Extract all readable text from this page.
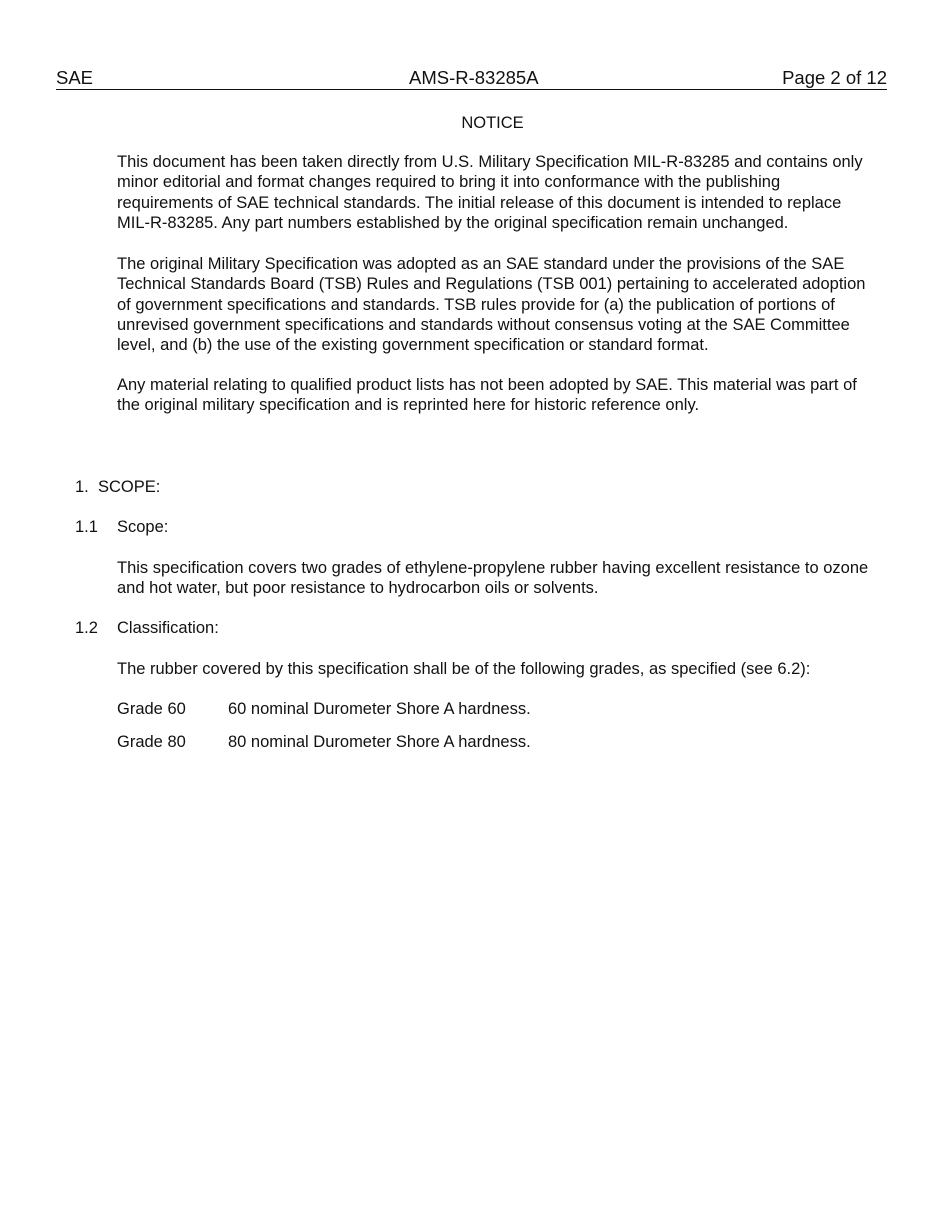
SAE	AMS-R-83285A	Page 2 of 12
NOTICE

This document has been taken directly from U.S. Military Specification MIL-R-83285 and contains only minor editorial and format changes required to bring it into conformance with the publishing requirements of SAE technical standards. The initial release of this document is intended to replace MIL-R-83285. Any part numbers established by the original specification remain unchanged.

The original Military Specification was adopted as an SAE standard under the provisions of the SAE Technical Standards Board (TSB) Rules and Regulations (TSB 001) pertaining to accelerated adoption of government specifications and standards. TSB rules provide for (a) the publication of portions of unrevised government specifications and standards without consensus voting at the SAE Committee level, and (b) the use of the existing government specification or standard format.

Any material relating to qualified product lists has not been adopted by SAE. This material was part of the original military specification and is reprinted here for historic reference only.

1. SCOPE:
1.1 Scope:

This specification covers two grades of ethylene-propylene rubber having excellent resistance to ozone and hot water, but poor resistance to hydrocarbon oils or solvents.

1.2 Classification:

The rubber covered by this specification shall be of the following grades, as specified (see 6.2):

Grade 60	60 nominal Durometer Shore A hardness.
Grade 80	80 nominal Durometer Shore A hardness.
